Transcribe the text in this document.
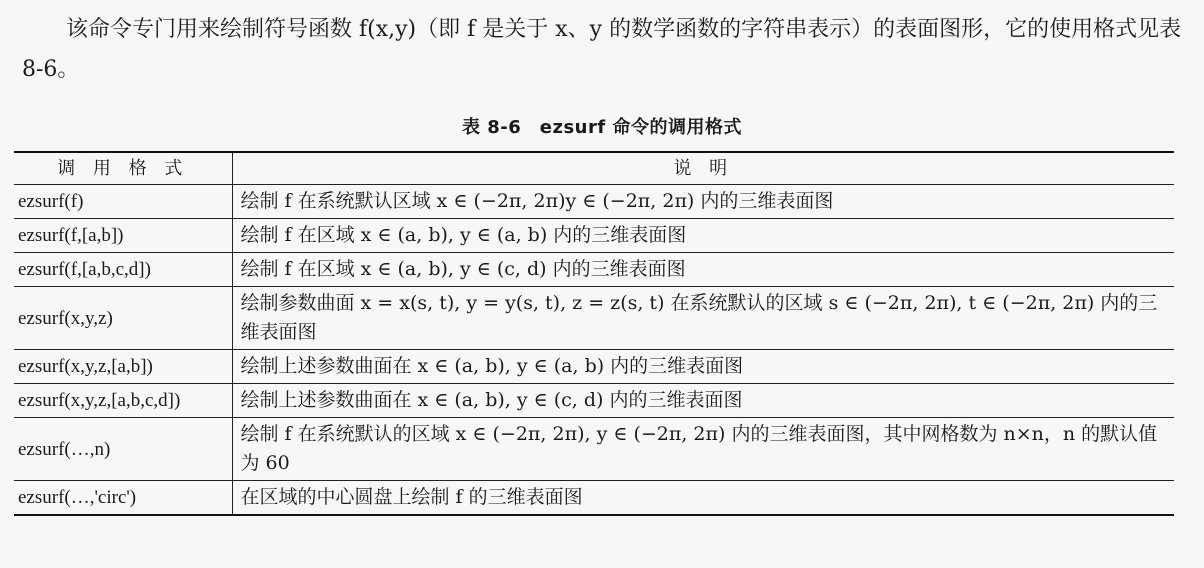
该命令专门用来绘制符号函数 f(x,y)（即 f 是关于 x、y 的数学函数的字符串表示）的表面图形，它的使用格式见表 8-6。
表 8-6　ezsurf 命令的调用格式
调 用 格 式	说 明
ezsurf(f)	绘制 f 在系统默认区域 x ∈ (−2π, 2π)y ∈ (−2π, 2π) 内的三维表面图
ezsurf(f,[a,b])	绘制 f 在区域 x ∈ (a, b), y ∈ (a, b) 内的三维表面图
ezsurf(f,[a,b,c,d])	绘制 f 在区域 x ∈ (a, b), y ∈ (c, d) 内的三维表面图
ezsurf(x,y,z)	绘制参数曲面 x = x(s, t), y = y(s, t), z = z(s, t) 在系统默认的区域 s ∈ (−2π, 2π), t ∈ (−2π, 2π) 内的三维表面图
ezsurf(x,y,z,[a,b])	绘制上述参数曲面在 x ∈ (a, b), y ∈ (a, b) 内的三维表面图
ezsurf(x,y,z,[a,b,c,d])	绘制上述参数曲面在 x ∈ (a, b), y ∈ (c, d) 内的三维表面图
ezsurf(…,n)	绘制 f 在系统默认的区域 x ∈ (−2π, 2π), y ∈ (−2π, 2π) 内的三维表面图，其中网格数为 n×n，n 的默认值为 60
ezsurf(…,'circ')	在区域的中心圆盘上绘制 f 的三维表面图
